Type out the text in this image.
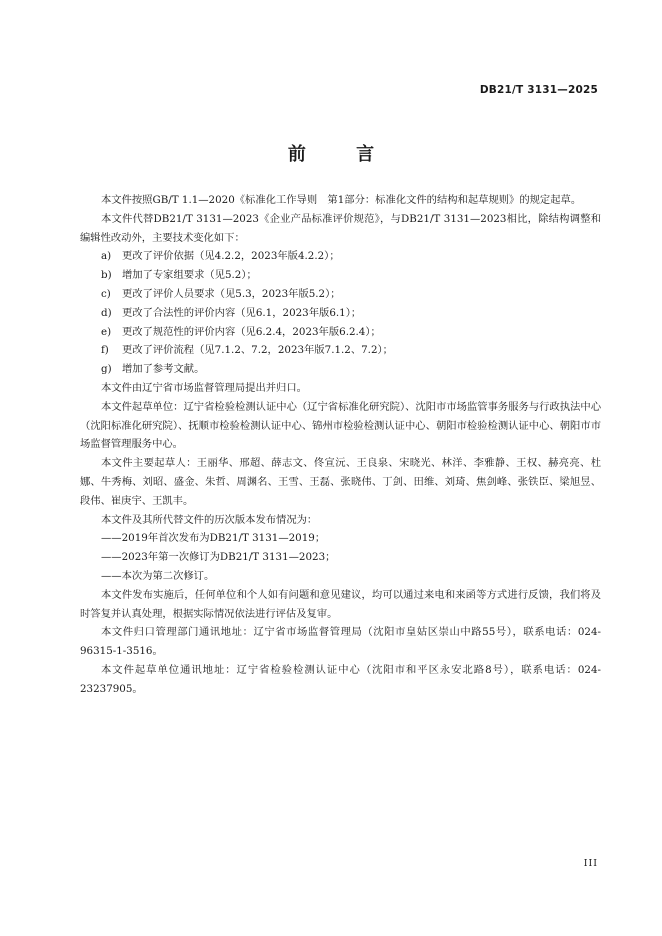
DB21/T 3131—2025
前 言

本文件按照GB/T 1.1—2020《标准化工作导则　第1部分：标准化文件的结构和起草规则》的规定起草。

本文件代替DB21/T 3131—2023《企业产品标准评价规范》，与DB21/T 3131—2023相比，除结构调整和编辑性改动外，主要技术变化如下：

a)	更改了评价依据（见4.2.2，2023年版4.2.2）；
b)	增加了专家组要求（见5.2）；
c)	更改了评价人员要求（见5.3，2023年版5.2）；
d)	更改了合法性的评价内容（见6.1，2023年版6.1）；
e)	更改了规范性的评价内容（见6.2.4，2023年版6.2.4）；
f)	更改了评价流程（见7.1.2、7.2，2023年版7.1.2、7.2）；
g)	增加了参考文献。

本文件由辽宁省市场监督管理局提出并归口。

本文件起草单位：辽宁省检验检测认证中心（辽宁省标准化研究院）、沈阳市市场监管事务服务与行政执法中心（沈阳标准化研究院）、抚顺市检验检测认证中心、锦州市检验检测认证中心、朝阳市检验检测认证中心、朝阳市市场监督管理服务中心。

本文件主要起草人：王丽华、邢超、薛志文、佟宣沅、王良泉、宋晓光、林洋、李雅静、王权、赫亮亮、杜娜、牛秀梅、刘昭、盛金、朱哲、周渊名、王雪、王磊、张晓伟、丁剑、田维、刘琦、焦剑峰、张铁臣、梁旭昱、段伟、崔庚宇、王凯丰。

本文件及其所代替文件的历次版本发布情况为：

——2019年首次发布为DB21/T 3131—2019；

——2023年第一次修订为DB21/T 3131—2023；

——本次为第二次修订。

本文件发布实施后，任何单位和个人如有问题和意见建议，均可以通过来电和来函等方式进行反馈，我们将及时答复并认真处理，根据实际情况依法进行评估及复审。

本文件归口管理部门通讯地址：辽宁省市场监督管理局（沈阳市皇姑区崇山中路55号），联系电话：024-96315-1-3516。

本文件起草单位通讯地址：辽宁省检验检测认证中心（沈阳市和平区永安北路8号），联系电话：024-23237905。

III
